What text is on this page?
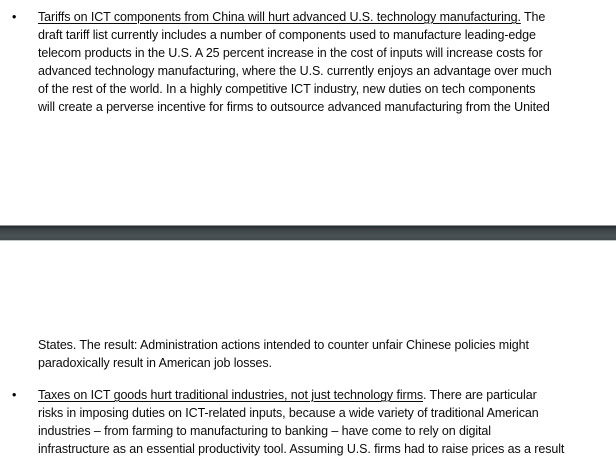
•	Tariffs on ICT components from China will hurt advanced U.S. technology manufacturing. The
draft tariff list currently includes a number of components used to manufacture leading-edge
telecom products in the U.S. A 25 percent increase in the cost of inputs will increase costs for
advanced technology manufacturing, where the U.S. currently enjoys an advantage over much
of the rest of the world. In a highly competitive ICT industry, new duties on tech components
will create a perverse incentive for firms to outsource advanced manufacturing from the United
States. The result: Administration actions intended to counter unfair Chinese policies might
paradoxically result in American job losses.
•	Taxes on ICT goods hurt traditional industries, not just technology firms. There are particular
risks in imposing duties on ICT-related inputs, because a wide variety of traditional American
industries – from farming to manufacturing to banking – have come to rely on digital
infrastructure as an essential productivity tool. Assuming U.S. firms had to raise prices as a result
